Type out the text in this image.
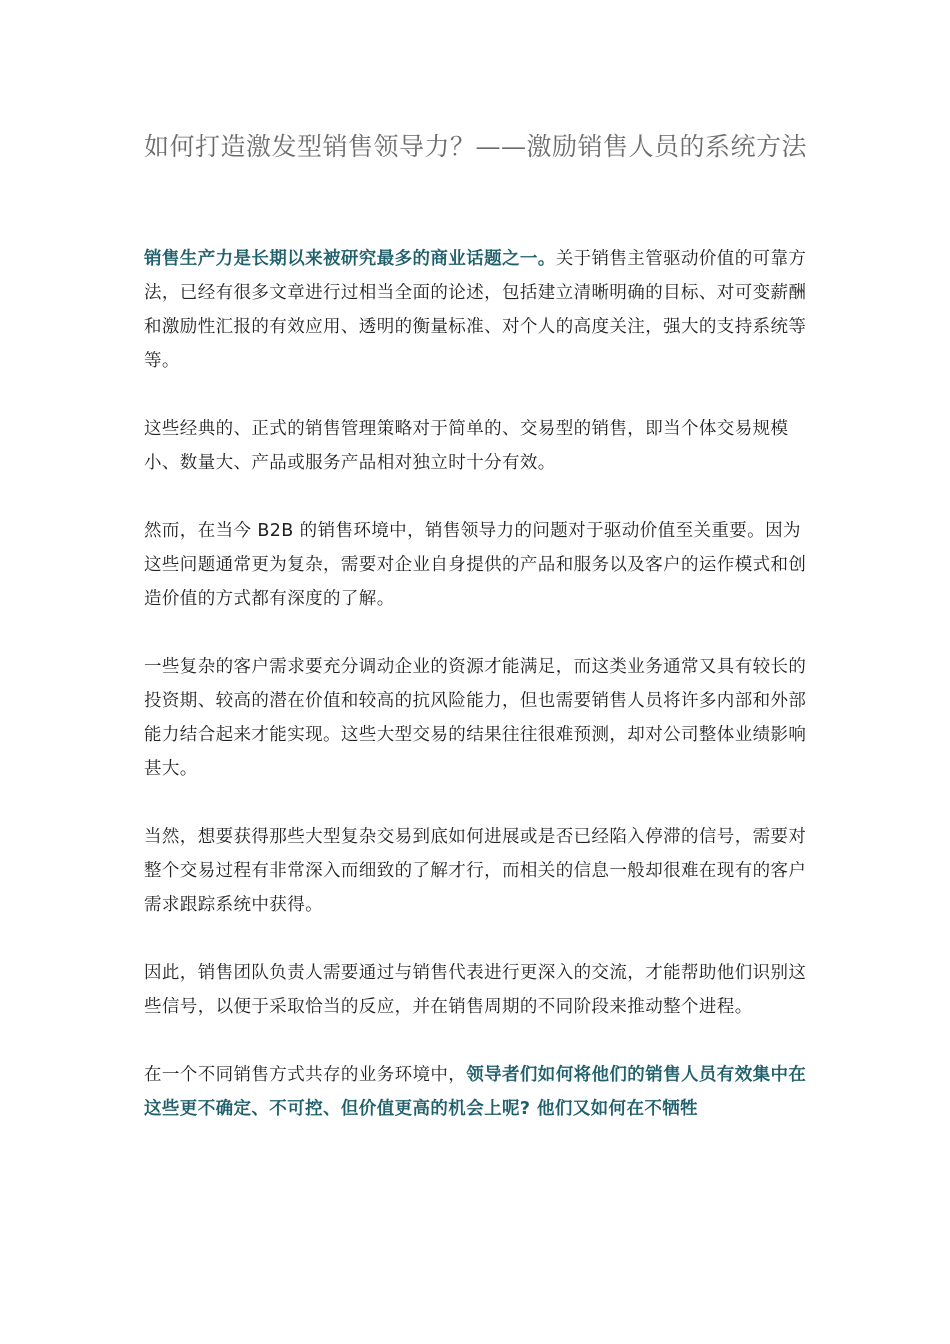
如何打造激发型销售领导力？——激励销售人员的系统方法

销售生产力是长期以来被研究最多的商业话题之一。关于销售主管驱动价值的可靠方法，已经有很多文章进行过相当全面的论述，包括建立清晰明确的目标、对可变薪酬和激励性汇报的有效应用、透明的衡量标准、对个人的高度关注，强大的支持系统等等。

这些经典的、正式的销售管理策略对于简单的、交易型的销售，即当个体交易规模小、数量大、产品或服务产品相对独立时十分有效。

然而，在当今 B2B 的销售环境中，销售领导力的问题对于驱动价值至关重要。因为这些问题通常更为复杂，需要对企业自身提供的产品和服务以及客户的运作模式和创造价值的方式都有深度的了解。

一些复杂的客户需求要充分调动企业的资源才能满足，而这类业务通常又具有较长的投资期、较高的潜在价值和较高的抗风险能力，但也需要销售人员将许多内部和外部能力结合起来才能实现。这些大型交易的结果往往很难预测，却对公司整体业绩影响甚大。

当然，想要获得那些大型复杂交易到底如何进展或是否已经陷入停滞的信号，需要对整个交易过程有非常深入而细致的了解才行，而相关的信息一般却很难在现有的客户需求跟踪系统中获得。

因此，销售团队负责人需要通过与销售代表进行更深入的交流，才能帮助他们识别这些信号，以便于采取恰当的反应，并在销售周期的不同阶段来推动整个进程。

在一个不同销售方式共存的业务环境中，领导者们如何将他们的销售人员有效集中在这些更不确定、不可控、但价值更高的机会上呢? 他们又如何在不牺牲
